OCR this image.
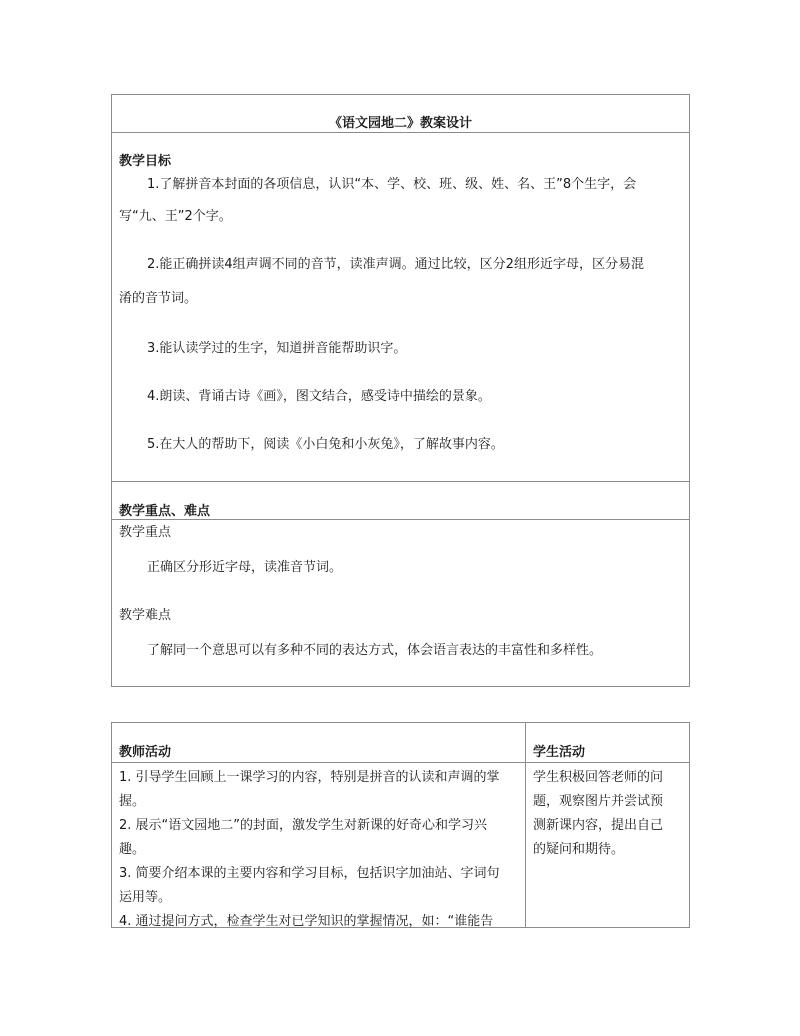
《语文园地二》教案设计
教学目标
1.了解拼音本封面的各项信息，认识“本、学、校、班、级、姓、名、王”8个生字，会
写“九、王”2个字。
2.能正确拼读4组声调不同的音节，读准声调。通过比较，区分2组形近字母，区分易混
淆的音节词。
3.能认读学过的生字，知道拼音能帮助识字。
4.朗读、背诵古诗《画》，图文结合，感受诗中描绘的景象。
5.在大人的帮助下，阅读《小白兔和小灰兔》，了解故事内容。
教学重点、难点
教学重点
正确区分形近字母，读准音节词。
教学难点
了解同一个意思可以有多种不同的表达方式，体会语言表达的丰富性和多样性。
教师活动	学生活动
1. 引导学生回顾上一课学习的内容，特别是拼音的认读和声调的掌
握。
2. 展示“语文园地二”的封面，激发学生对新课的好奇心和学习兴
趣。
3. 简要介绍本课的主要内容和学习目标，包括识字加油站、字词句
运用等。
4. 通过提问方式，检查学生对已学知识的掌握情况，如：“谁能告
学生积极回答老师的问
题，观察图片并尝试预
测新课内容，提出自己
的疑问和期待。
